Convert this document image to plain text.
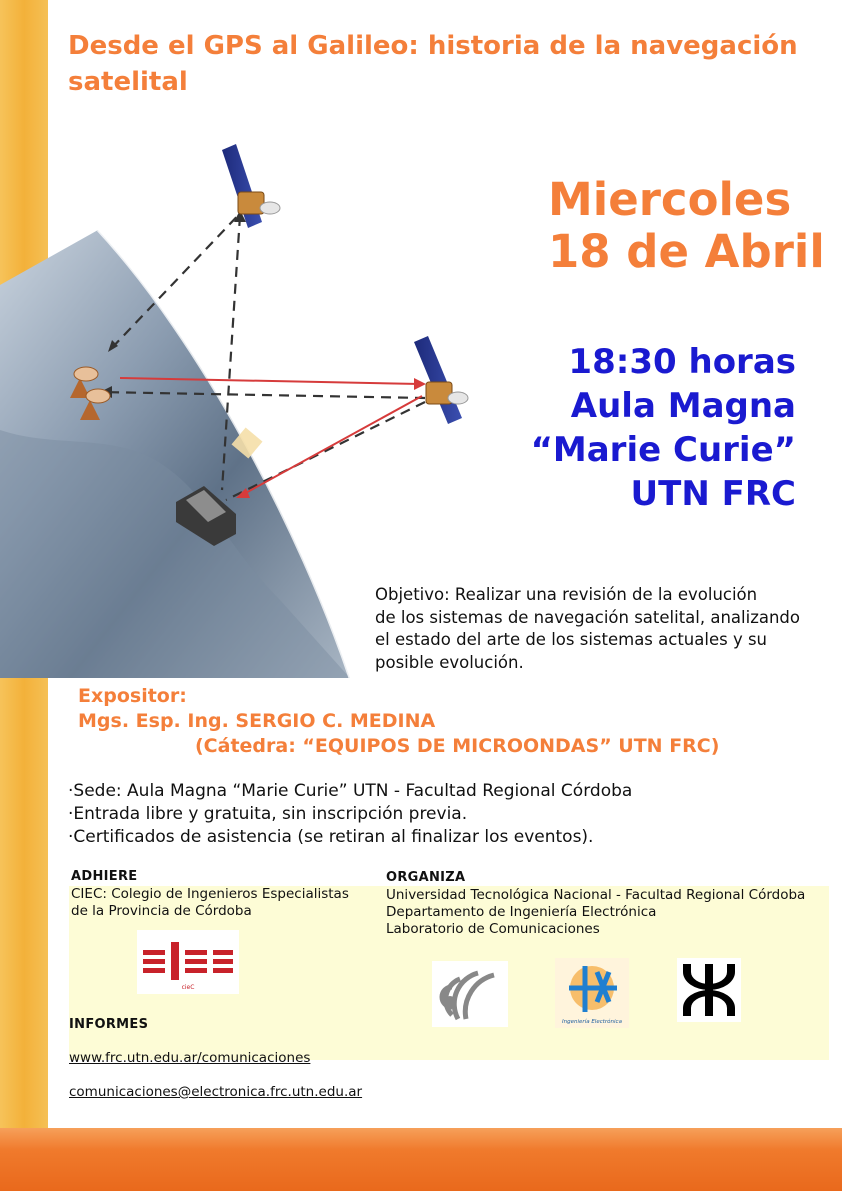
Desde el GPS al Galileo: historia de la navegación satelital
Miercoles
18 de Abril
18:30 horas
Aula Magna
“Marie Curie”
UTN FRC
Objetivo: Realizar una revisión de la evolución
de los sistemas de navegación satelital, analizando
el estado del arte de los sistemas actuales y su
posible evolución.
Expositor:
Mgs. Esp. Ing. SERGIO C. MEDINA
(Cátedra: “EQUIPOS DE MICROONDAS” UTN FRC)
· Sede: Aula Magna “Marie Curie” UTN - Facultad Regional Córdoba
· Entrada libre y gratuita, sin inscripción previa.
· Certificados de asistencia (se retiran al finalizar los eventos).
ADHIERE
CIEC: Colegio de Ingenieros Especialistas
de la Provincia de Córdoba
ORGANIZA
Universidad Tecnológica Nacional - Facultad Regional Córdoba
Departamento de Ingeniería Electrónica
Laboratorio de Comunicaciones
cieC
Ingeniería Electrónica
INFORMES
www.frc.utn.edu.ar/comunicaciones
comunicaciones@electronica.frc.utn.edu.ar
